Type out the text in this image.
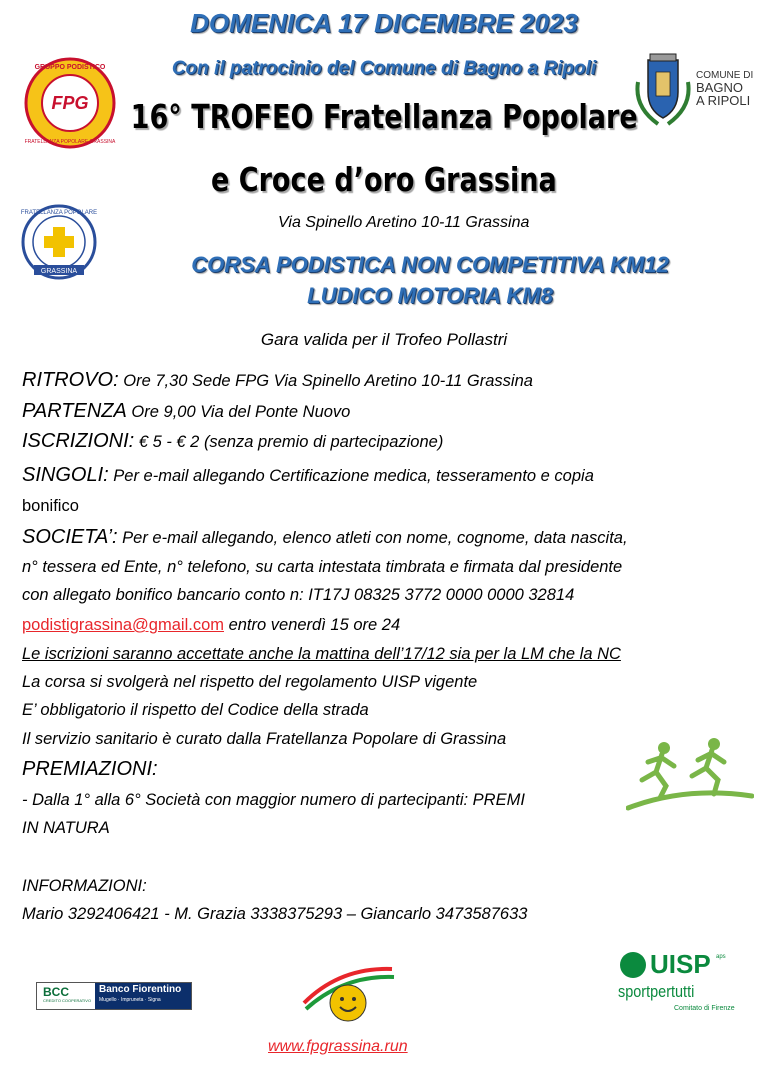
DOMENICA 17 DICEMBRE 2023
Con il patrocinio del Comune di Bagno a Ripoli
16° TROFEO Fratellanza Popolare
e Croce d’oro Grassina
FPG
GRUPPO PODISTICO
FRATELLANZA POPOLARE GRASSINA
COMUNE DI
BAGNO
A RIPOLI
FRATELLANZA POPOLARE
GRASSINA
Via Spinello Aretino 10-11 Grassina
CORSA PODISTICA NON COMPETITIVA KM12
LUDICO MOTORIA KM8
Gara valida per il Trofeo Pollastri
RITROVO: Ore 7,30 Sede FPG Via Spinello Aretino 10-11 Grassina
PARTENZA Ore 9,00 Via del Ponte Nuovo
ISCRIZIONI: € 5 - € 2 (senza premio di partecipazione)
SINGOLI: Per e-mail allegando Certificazione medica, tesseramento e copia
bonifico
SOCIETA’: Per e-mail allegando, elenco atleti con nome, cognome, data nascita,
n° tessera ed Ente, n° telefono, su carta intestata timbrata e firmata dal presidente
con allegato bonifico bancario conto n: IT17J 08325 3772 0000 0000 32814
podistigrassina@gmail.com entro venerdì 15 ore 24
Le iscrizioni saranno accettate anche la mattina dell’17/12 sia per la LM che la NC
La corsa si svolgerà nel rispetto del regolamento UISP vigente
E’ obbligatorio il rispetto del Codice della strada
Il servizio sanitario è curato dalla Fratellanza Popolare di Grassina
PREMIAZIONI:
- Dalla 1° alla 6° Società con maggior numero di partecipanti: PREMI
IN NATURA
INFORMAZIONI:
Mario 3292406421 - M. Grazia 3338375293 – Giancarlo 3473587633
BCC
CREDITO COOPERATIVO
Banco Fiorentino
Mugello · Impruneta · Signa
UISP aps
sportpertutti
Comitato di Firenze
www.fpgrassina.run
